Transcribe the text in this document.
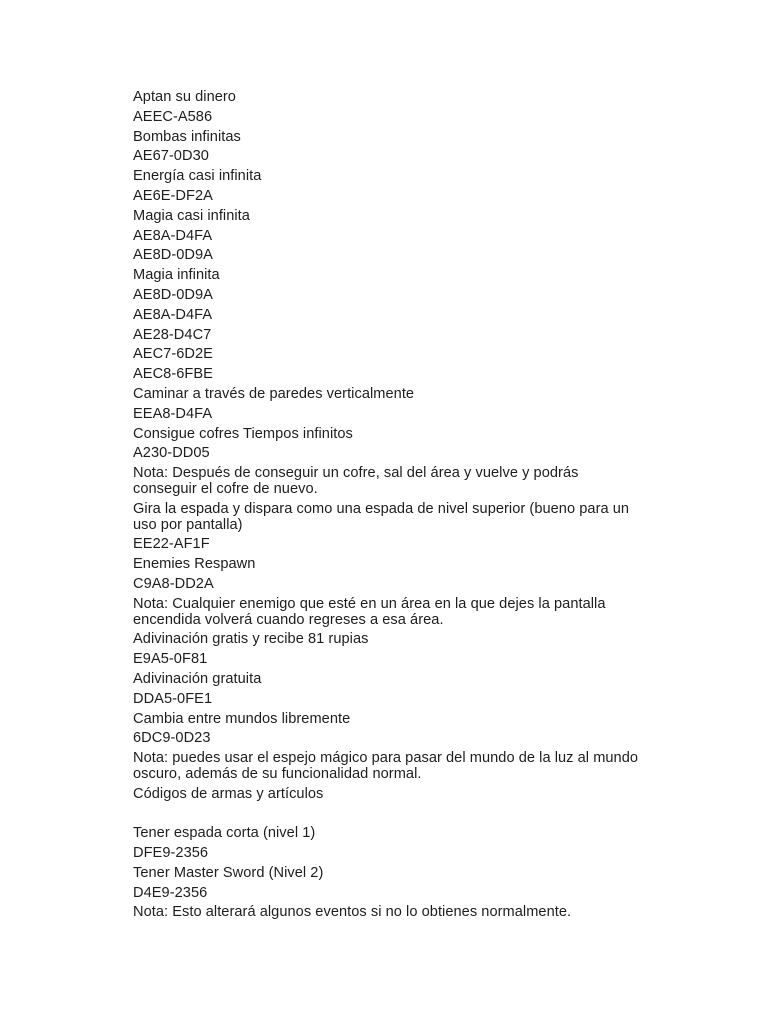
Aptan su dinero
AEEC-A586
Bombas infinitas
AE67-0D30
Energía casi infinita
AE6E-DF2A
Magia casi infinita
AE8A-D4FA
AE8D-0D9A
Magia infinita
AE8D-0D9A
AE8A-D4FA
AE28-D4C7
AEC7-6D2E
AEC8-6FBE
Caminar a través de paredes verticalmente
EEA8-D4FA
Consigue cofres Tiempos infinitos
A230-DD05
Nota: Después de conseguir un cofre, sal del área y vuelve y podrás conseguir el cofre de nuevo.
Gira la espada y dispara como una espada de nivel superior (bueno para un uso por pantalla)
EE22-AF1F
Enemies Respawn
C9A8-DD2A
Nota: Cualquier enemigo que esté en un área en la que dejes la pantalla encendida volverá cuando regreses a esa área.
Adivinación gratis y recibe 81 rupias
E9A5-0F81
Adivinación gratuita
DDA5-0FE1
Cambia entre mundos libremente
6DC9-0D23
Nota: puedes usar el espejo mágico para pasar del mundo de la luz al mundo oscuro, además de su funcionalidad normal.
Códigos de armas y artículos
Tener espada corta (nivel 1)
DFE9-2356
Tener Master Sword (Nivel 2)
D4E9-2356
Nota: Esto alterará algunos eventos si no lo obtienes normalmente.
